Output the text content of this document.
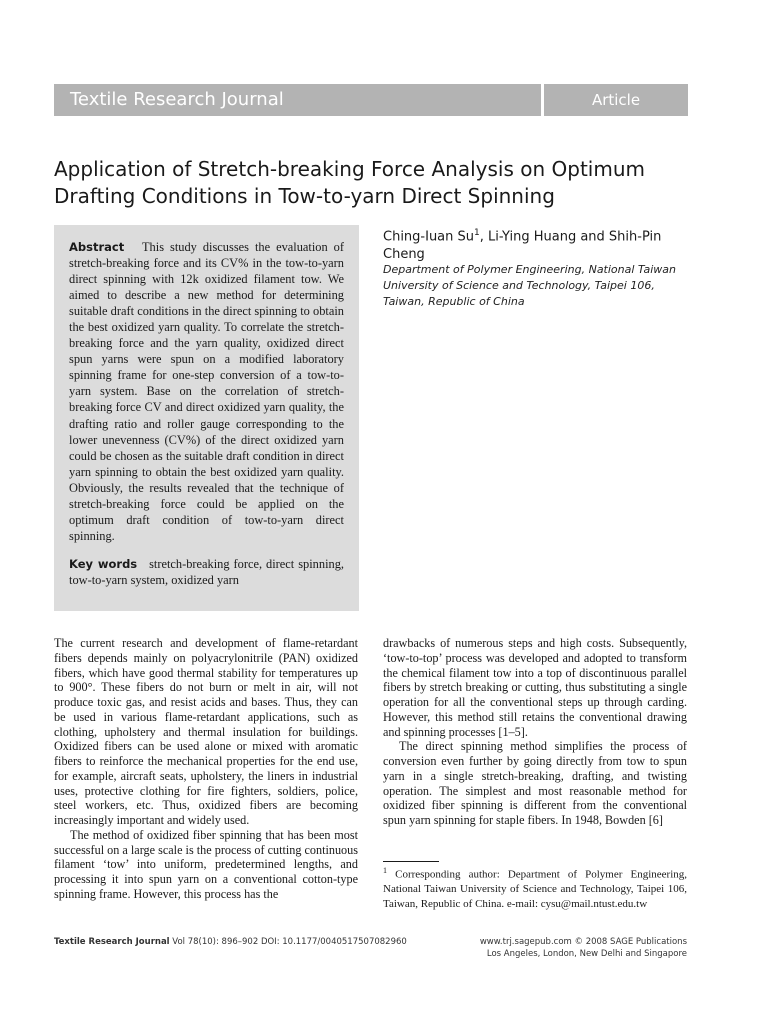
Textile Research Journal	Article
Application of Stretch-breaking Force Analysis on Optimum Drafting Conditions in Tow-to-yarn Direct Spinning

Abstract This study discusses the evaluation of stretch-breaking force and its CV% in the tow-to-yarn direct spinning with 12k oxidized filament tow. We aimed to describe a new method for determining suitable draft conditions in the direct spinning to obtain the best oxidized yarn quality. To correlate the stretch-breaking force and the yarn quality, oxidized direct spun yarns were spun on a modified laboratory spinning frame for one-step conversion of a tow-to-yarn system. Base on the correlation of stretch-breaking force CV and direct oxidized yarn quality, the drafting ratio and roller gauge corresponding to the lower unevenness (CV%) of the direct oxidized yarn could be chosen as the suitable draft condition in direct yarn spinning to obtain the best oxidized yarn quality. Obviously, the results revealed that the technique of stretch-breaking force could be applied on the optimum draft condition of tow-to-yarn direct spinning.

Key words stretch-breaking force, direct spinning, tow-to-yarn system, oxidized yarn

Ching-Iuan Su$^1$, Li-Ying Huang and Shih-Pin Cheng

Department of Polymer Engineering, National Taiwan University of Science and Technology, Taipei 106, Taiwan, Republic of China

The current research and development of flame-retardant fibers depends mainly on polyacrylonitrile (PAN) oxidized fibers, which have good thermal stability for temperatures up to 900°. These fibers do not burn or melt in air, will not produce toxic gas, and resist acids and bases. Thus, they can be used in various flame-retardant applications, such as clothing, upholstery and thermal insulation for buildings. Oxidized fibers can be used alone or mixed with aromatic fibers to reinforce the mechanical properties for the end use, for example, aircraft seats, upholstery, the liners in industrial uses, protective clothing for fire fighters, soldiers, police, steel workers, etc. Thus, oxidized fibers are becoming increasingly important and widely used.

The method of oxidized fiber spinning that has been most successful on a large scale is the process of cutting continuous filament ‘tow’ into uniform, predetermined lengths, and processing it into spun yarn on a conventional cotton-type spinning frame. However, this process has the

drawbacks of numerous steps and high costs. Subsequently, ‘tow-to-top’ process was developed and adopted to transform the chemical filament tow into a top of discontinuous parallel fibers by stretch breaking or cutting, thus substituting a single operation for all the conventional steps up through carding. However, this method still retains the conventional drawing and spinning processes [1–5].

The direct spinning method simplifies the process of conversion even further by going directly from tow to spun yarn in a single stretch-breaking, drafting, and twisting operation. The simplest and most reasonable method for oxidized fiber spinning is different from the conventional spun yarn spinning for staple fibers. In 1948, Bowden [6]

$^1$ Corresponding author: Department of Polymer Engineering, National Taiwan University of Science and Technology, Taipei 106, Taiwan, Republic of China. e-mail: cysu@mail.ntust.edu.tw

Textile Research Journal Vol 78(10): 896–902 DOI: 10.1177/0040517507082960	www.trj.sagepub.com © 2008 SAGE Publications
Los Angeles, London, New Delhi and Singapore
